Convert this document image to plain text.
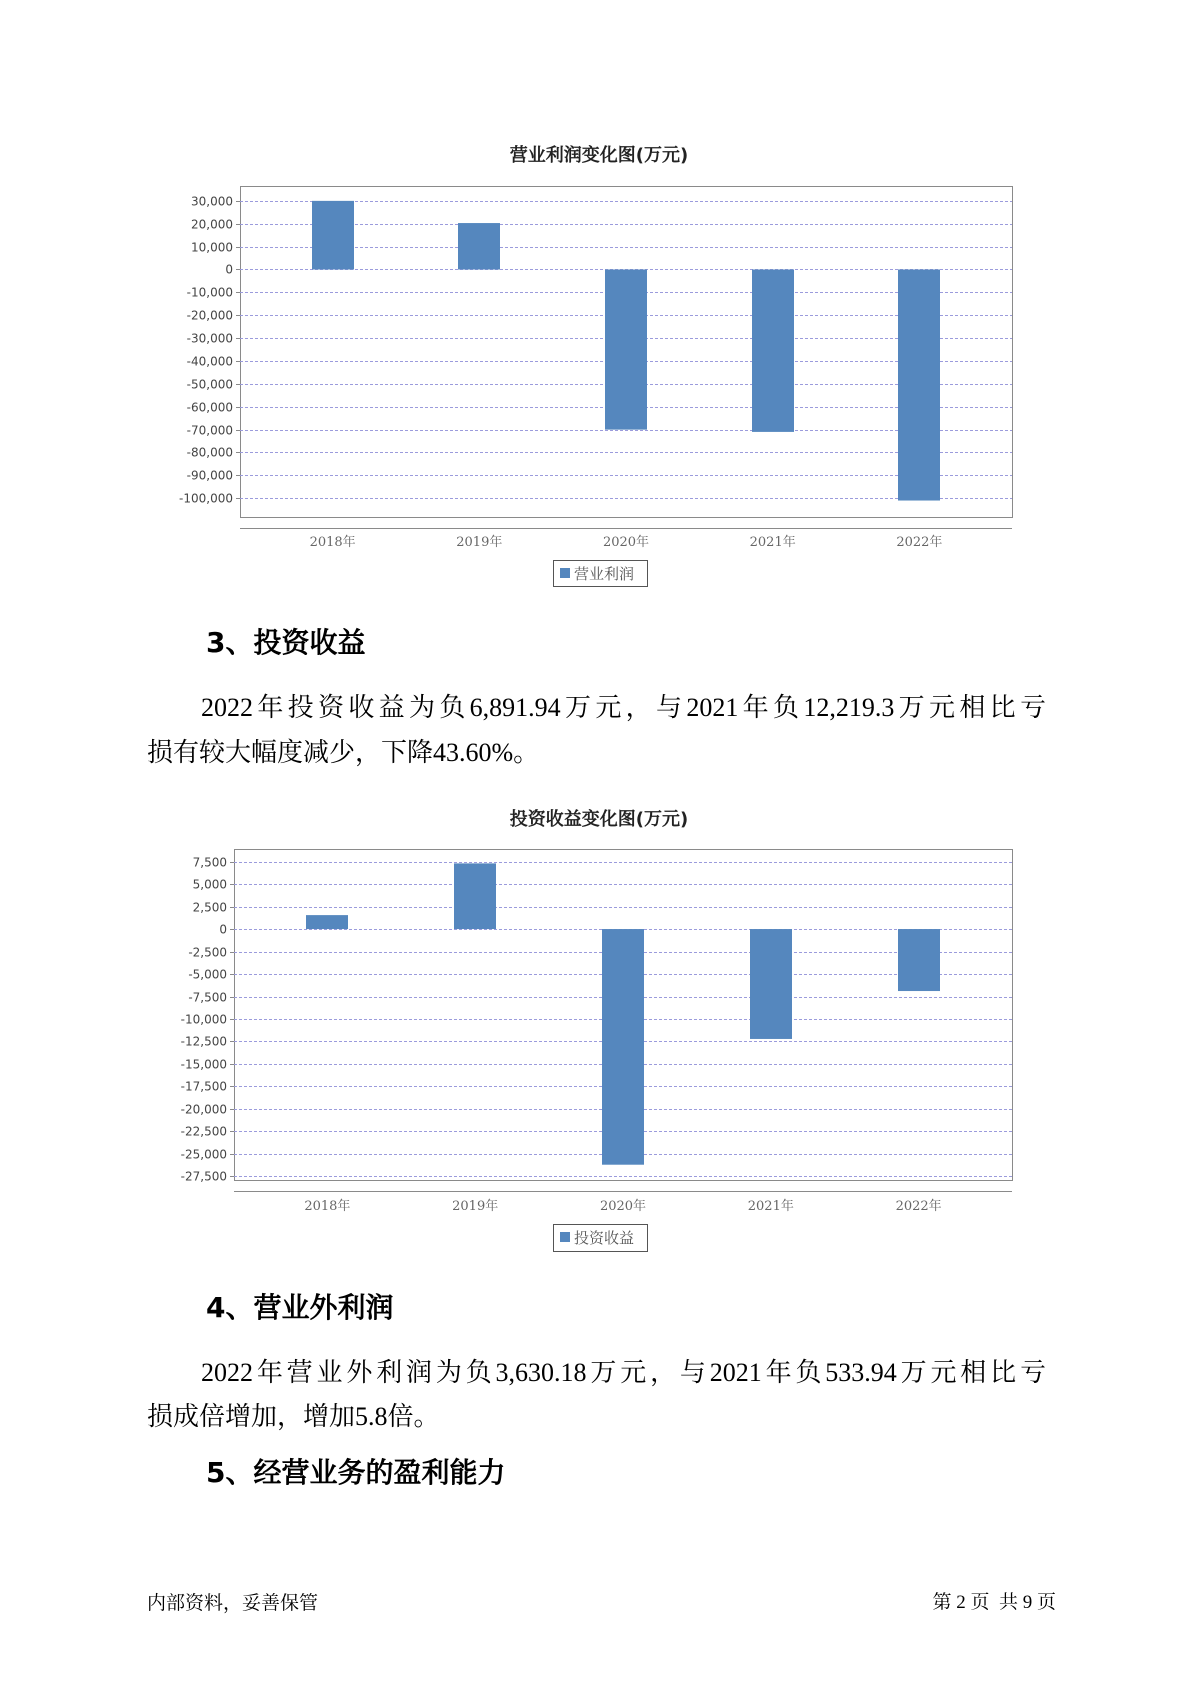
营业利润变化图(万元)
30,000
20,000
10,000
0
-10,000
-20,000
-30,000
-40,000
-50,000
-60,000
-70,000
-80,000
-90,000
-100,000
2018年	2019年	2020年	2021年	2022年
营业利润
3、投资收益
2022年投资收益为负6,891.94万元，与2021年负12,219.3万元相比亏
损有较大幅度减少，下降43.60%。
投资收益变化图(万元)
7,500
5,000
2,500
0
-2,500
-5,000
-7,500
-10,000
-12,500
-15,000
-17,500
-20,000
-22,500
-25,000
-27,500
2018年	2019年	2020年	2021年	2022年
投资收益
4、营业外利润
2022年营业外利润为负3,630.18万元，与2021年负533.94万元相比亏
损成倍增加，增加5.8倍。
5、经营业务的盈利能力
内部资料，妥善保管	第 2 页  共 9 页
